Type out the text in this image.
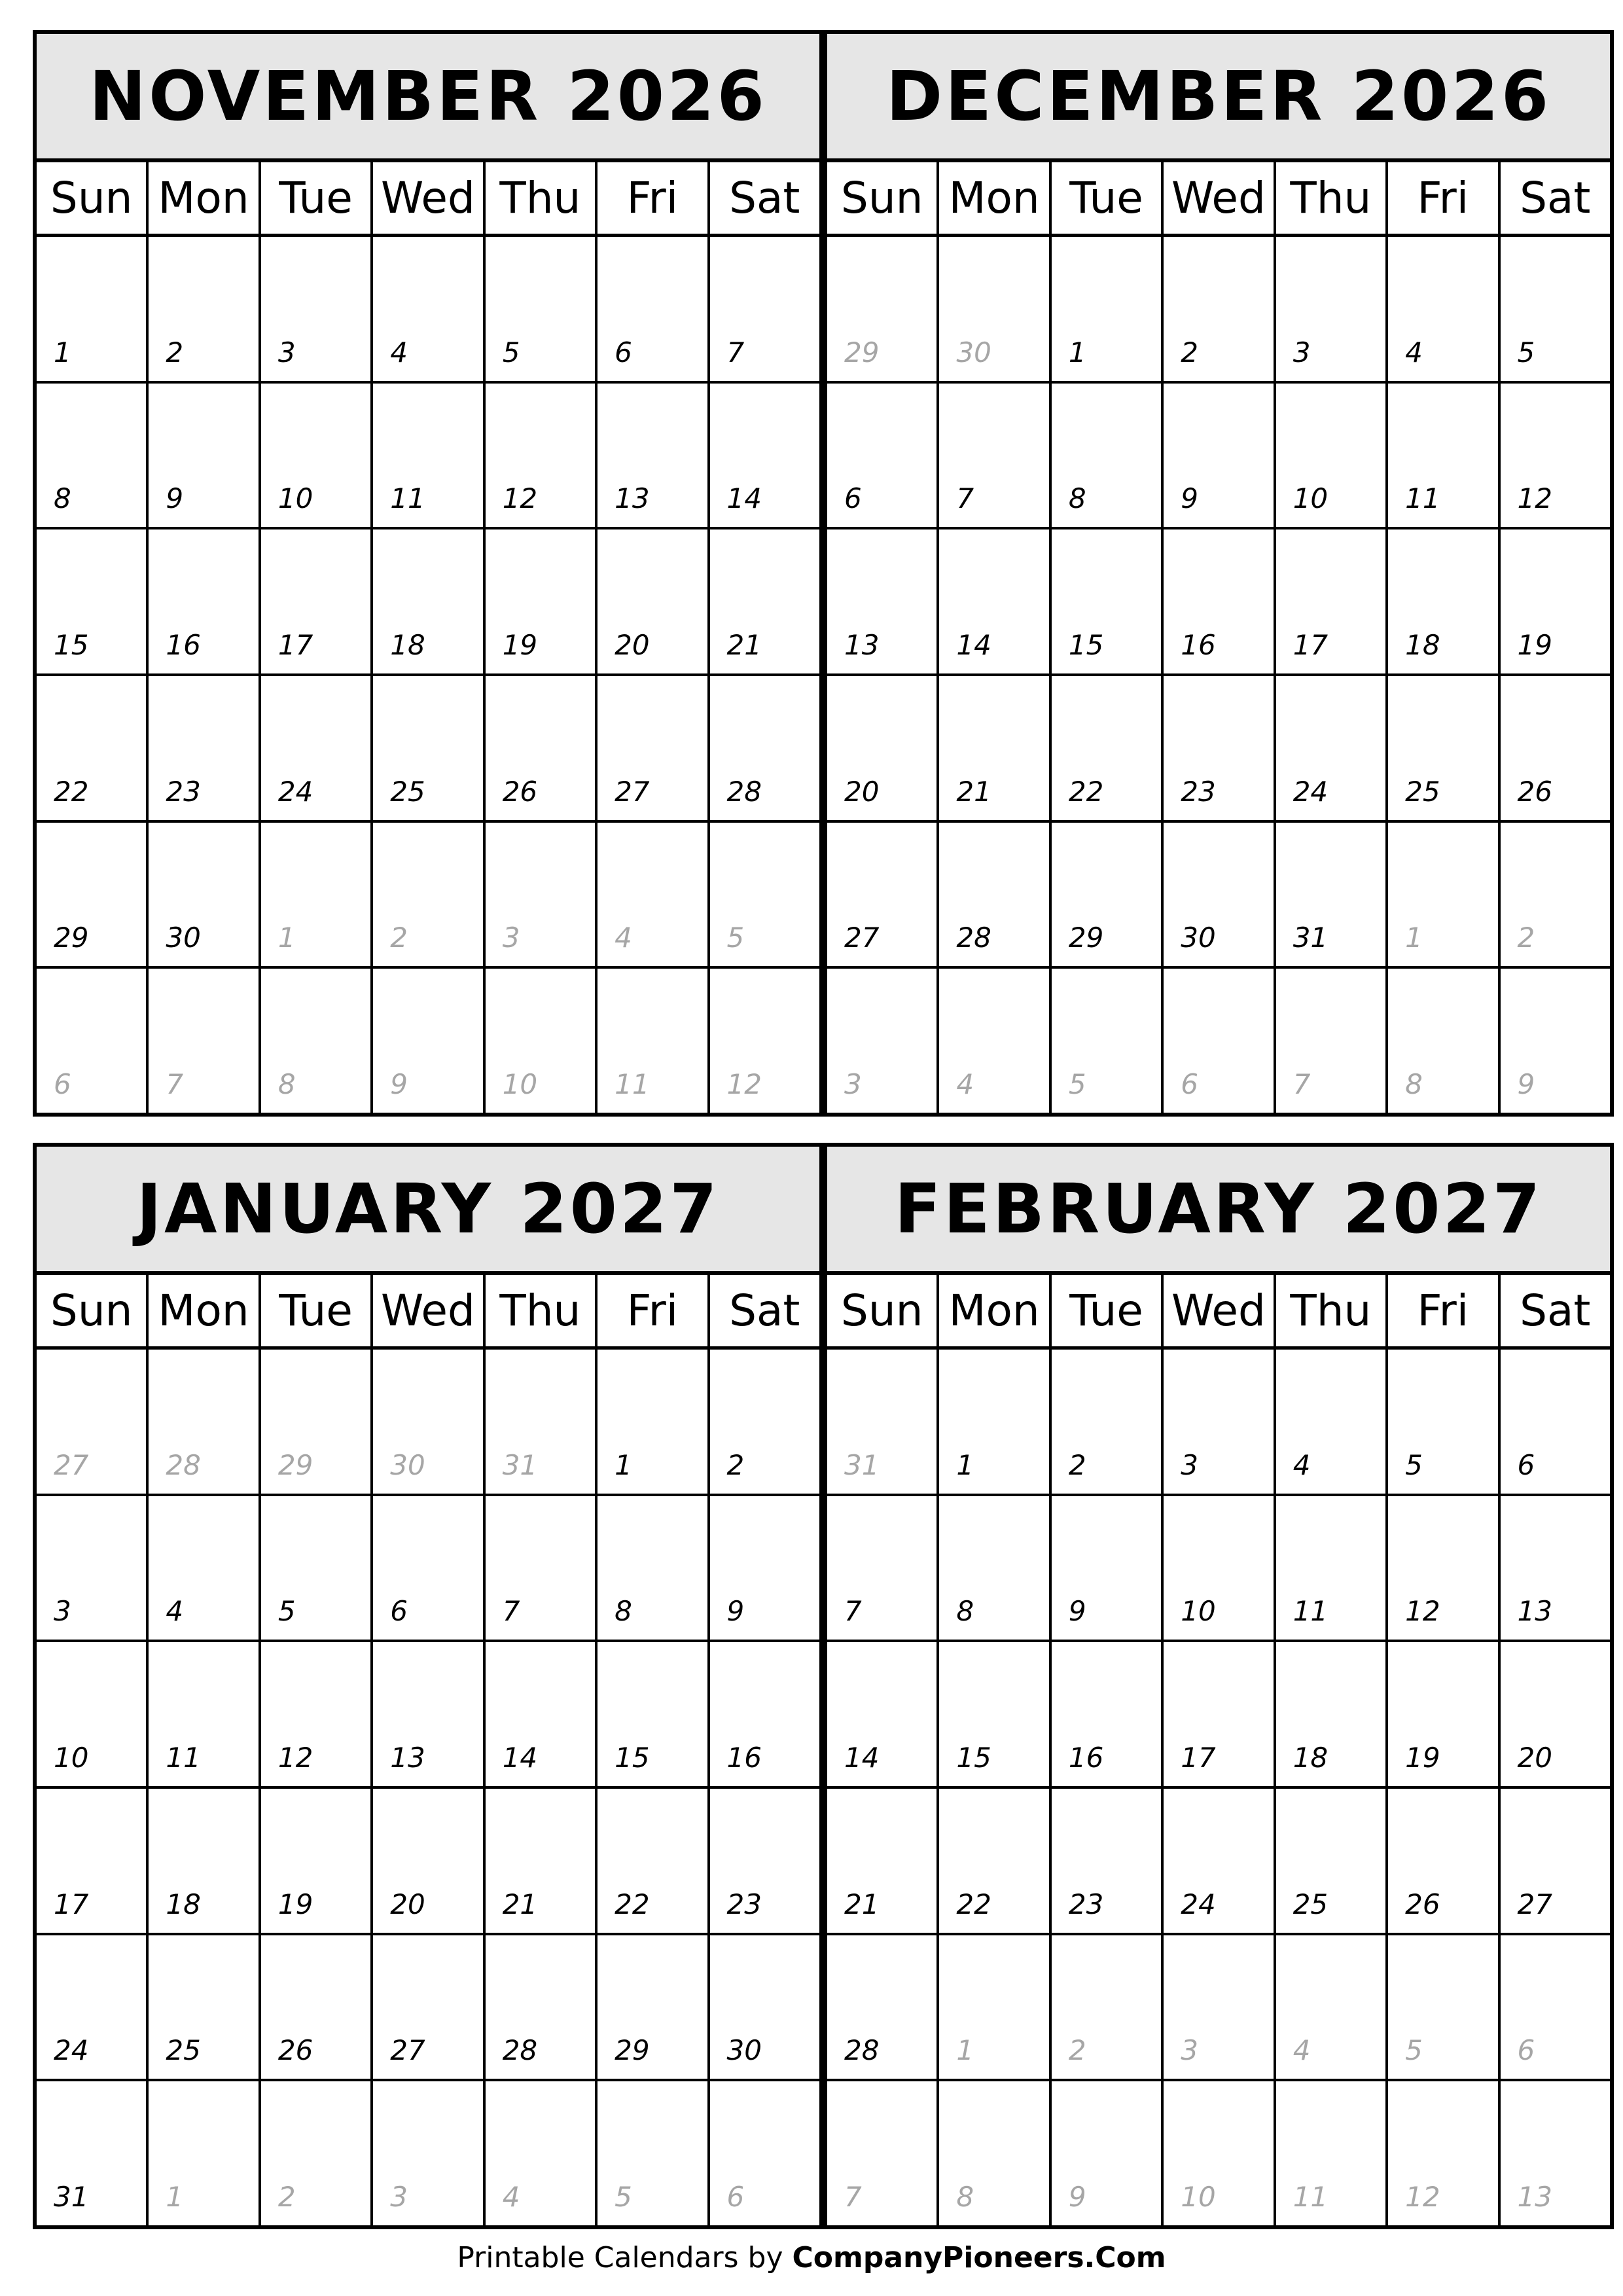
NOVEMBER 2026
Sun Mon Tue Wed Thu	Fri	Sat
1	2	3	4	5	6	7
8	9	10	11	12	13	14
15	16	17	18	19	20	21
22	23	24	25	26	27	28
29	30	1	2	3	4	5
6	7	8	9	10	11	12
DECEMBER 2026
Sun Mon Tue Wed Thu	Fri	Sat
29	30	1	2	3	4	5
6	7	8	9	10	11	12
13	14	15	16	17	18	19
20	21	22	23	24	25	26
27	28	29	30	31	1	2
3	4	5	6	7	8	9
JANUARY 2027
Sun Mon Tue Wed Thu	Fri	Sat
27	28	29	30	31	1	2
3	4	5	6	7	8	9
10	11	12	13	14	15	16
17	18	19	20	21	22	23
24	25	26	27	28	29	30
31	1	2	3	4	5	6
FEBRUARY 2027
Sun Mon Tue Wed Thu	Fri	Sat
31	1	2	3	4	5	6
7	8	9	10	11	12	13
14	15	16	17	18	19	20
21	22	23	24	25	26	27
28	1	2	3	4	5	6
7	8	9	10	11	12	13
Printable Calendars by CompanyPioneers.Com
